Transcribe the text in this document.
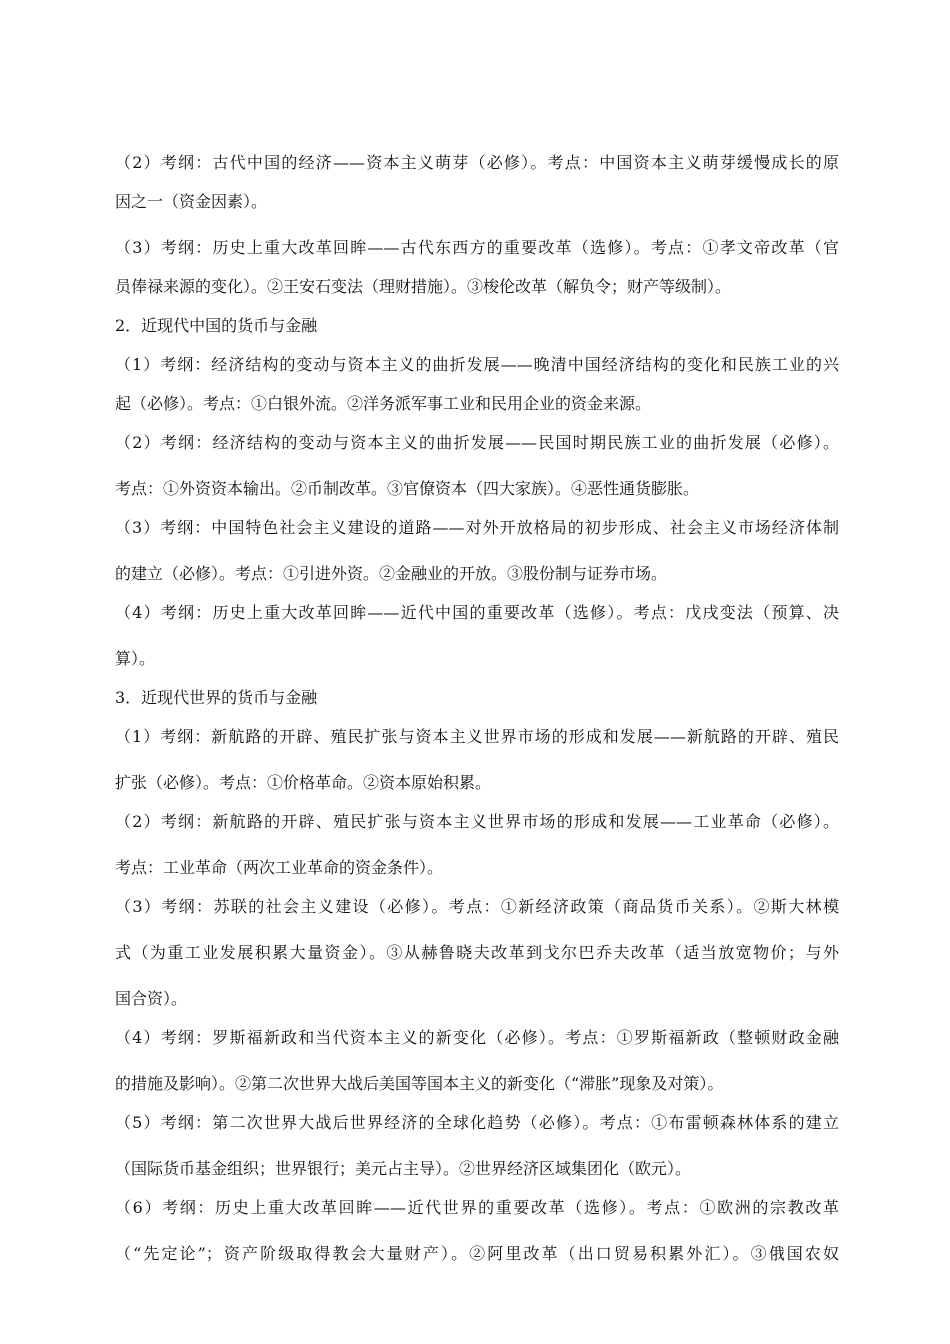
（2）考纲：古代中国的经济——资本主义萌芽（必修）。考点：中国资本主义萌芽缓慢成长的原
因之一（资金因素）。
（3）考纲：历史上重大改革回眸——古代东西方的重要改革（选修）。考点：①孝文帝改革（官
员俸禄来源的变化）。②王安石变法（理财措施）。③梭伦改革（解负令；财产等级制）。
2．近现代中国的货币与金融
（1）考纲：经济结构的变动与资本主义的曲折发展——晚清中国经济结构的变化和民族工业的兴
起（必修）。考点：①白银外流。②洋务派军事工业和民用企业的资金来源。
（2）考纲：经济结构的变动与资本主义的曲折发展——民国时期民族工业的曲折发展（必修）。
考点：①外资资本输出。②币制改革。③官僚资本（四大家族）。④恶性通货膨胀。
（3）考纲：中国特色社会主义建设的道路——对外开放格局的初步形成、社会主义市场经济体制
的建立（必修）。考点：①引进外资。②金融业的开放。③股份制与证券市场。
（4）考纲：历史上重大改革回眸——近代中国的重要改革（选修）。考点：戊戌变法（预算、决
算）。
3．近现代世界的货币与金融
（1）考纲：新航路的开辟、殖民扩张与资本主义世界市场的形成和发展——新航路的开辟、殖民
扩张（必修）。考点：①价格革命。②资本原始积累。
（2）考纲：新航路的开辟、殖民扩张与资本主义世界市场的形成和发展——工业革命（必修）。
考点：工业革命（两次工业革命的资金条件）。
（3）考纲：苏联的社会主义建设（必修）。考点：①新经济政策（商品货币关系）。②斯大林模
式（为重工业发展积累大量资金）。③从赫鲁晓夫改革到戈尔巴乔夫改革（适当放宽物价；与外
国合资）。
（4）考纲：罗斯福新政和当代资本主义的新变化（必修）。考点：①罗斯福新政（整顿财政金融
的措施及影响）。②第二次世界大战后美国等国本主义的新变化（“滞胀”现象及对策）。
（5）考纲：第二次世界大战后世界经济的全球化趋势（必修）。考点：①布雷顿森林体系的建立
（国际货币基金组织；世界银行；美元占主导）。②世界经济区域集团化（欧元）。
（6）考纲：历史上重大改革回眸——近代世界的重要改革（选修）。考点：①欧洲的宗教改革
（“先定论”；资产阶级取得教会大量财产）。②阿里改革（出口贸易积累外汇）。③俄国农奴
